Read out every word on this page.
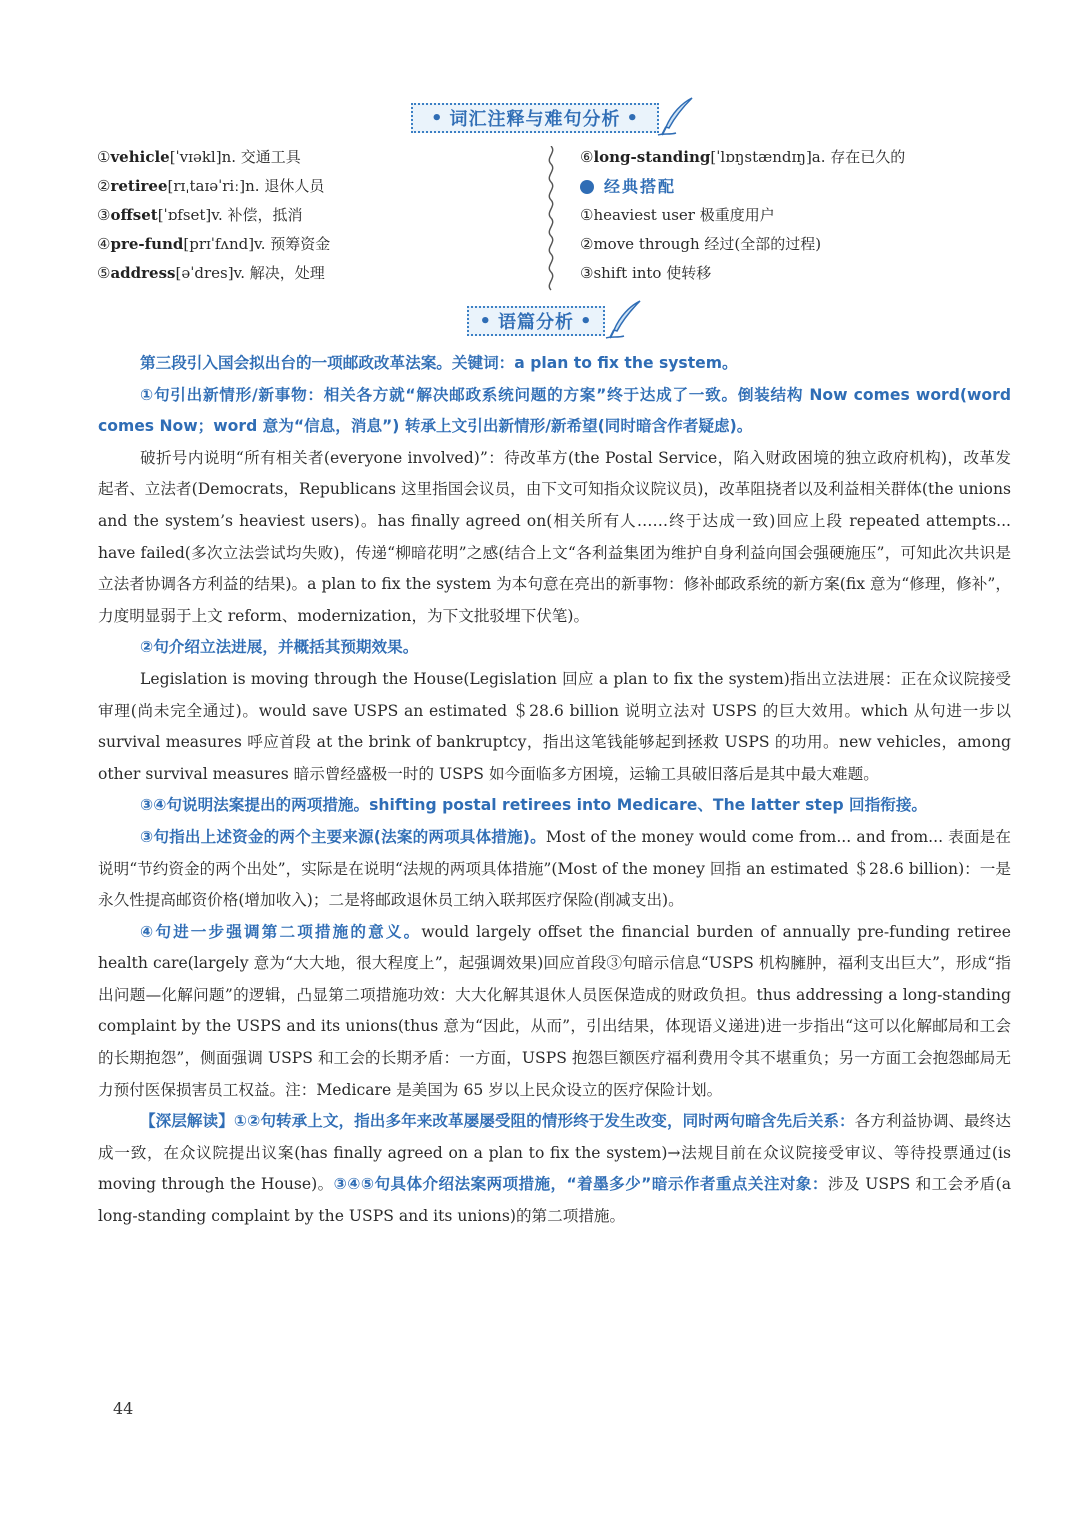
• 词汇注释与难句分析 •
①vehicle[ˈvɪəkl]n. 交通工具
②retiree[rɪˌtaɪəˈriː]n. 退休人员
③offset[ˈɒfset]v. 补偿，抵消
④pre-fund[prɪˈfʌnd]v. 预筹资金
⑤address[əˈdres]v. 解决，处理
⑥long-standing[ˈlɒŋstændɪŋ]a. 存在已久的
经典搭配
①heaviest user 极重度用户
②move through 经过(全部的过程)
③shift into 使转移
• 语篇分析 •

第三段引入国会拟出台的一项邮政改革法案。关键词：a plan to fix the system。

①句引出新情形/新事物：相关各方就“解决邮政系统问题的方案”终于达成了一致。倒装结构 Now comes word(word comes Now；word 意为“信息，消息”) 转承上文引出新情形/新希望(同时暗含作者疑虑)。

破折号内说明“所有相关者(everyone involved)”：待改革方(the Postal Service，陷入财政困境的独立政府机构)，改革发起者、立法者(Democrats，Republicans 这里指国会议员，由下文可知指众议院议员)，改革阻挠者以及利益相关群体(the unions and the system’s heaviest users)。has finally agreed on(相关所有人……终于达成一致)回应上段 repeated attempts... have failed(多次立法尝试均失败)，传递“柳暗花明”之感(结合上文“各利益集团为维护自身利益向国会强硬施压”，可知此次共识是立法者协调各方利益的结果)。a plan to fix the system 为本句意在亮出的新事物：修补邮政系统的新方案(fix 意为“修理，修补”，力度明显弱于上文 reform、modernization，为下文批驳埋下伏笔)。

②句介绍立法进展，并概括其预期效果。

Legislation is moving through the House(Legislation 回应 a plan to fix the system)指出立法进展：正在众议院接受审理(尚未完全通过)。would save USPS an estimated ＄28.6 billion 说明立法对 USPS 的巨大效用。which 从句进一步以 survival measures 呼应首段 at the brink of bankruptcy，指出这笔钱能够起到拯救 USPS 的功用。new vehicles，among other survival measures 暗示曾经盛极一时的 USPS 如今面临多方困境，运输工具破旧落后是其中最大难题。

③④句说明法案提出的两项措施。shifting postal retirees into Medicare、The latter step 回指衔接。

③句指出上述资金的两个主要来源(法案的两项具体措施)。Most of the money would come from... and from... 表面是在说明“节约资金的两个出处”，实际是在说明“法规的两项具体措施”(Most of the money 回指 an estimated ＄28.6 billion)：一是永久性提高邮资价格(增加收入)；二是将邮政退休员工纳入联邦医疗保险(削减支出)。

④句进一步强调第二项措施的意义。would largely offset the financial burden of annually pre-funding retiree health care(largely 意为“大大地，很大程度上”，起强调效果)回应首段③句暗示信息“USPS 机构臃肿，福利支出巨大”，形成“指出问题—化解问题”的逻辑，凸显第二项措施功效：大大化解其退休人员医保造成的财政负担。thus addressing a long-standing complaint by the USPS and its unions(thus 意为“因此，从而”，引出结果，体现语义递进)进一步指出“这可以化解邮局和工会的长期抱怨”，侧面强调 USPS 和工会的长期矛盾：一方面，USPS 抱怨巨额医疗福利费用令其不堪重负；另一方面工会抱怨邮局无力预付医保损害员工权益。注：Medicare 是美国为 65 岁以上民众设立的医疗保险计划。

【深层解读】①②句转承上文，指出多年来改革屡屡受阻的情形终于发生改变，同时两句暗含先后关系：各方利益协调、最终达成一致，在众议院提出议案(has finally agreed on a plan to fix the system)→法规目前在众议院接受审议、等待投票通过(is moving through the House)。③④⑤句具体介绍法案两项措施，“着墨多少”暗示作者重点关注对象：涉及 USPS 和工会矛盾(a long-standing complaint by the USPS and its unions)的第二项措施。

44
